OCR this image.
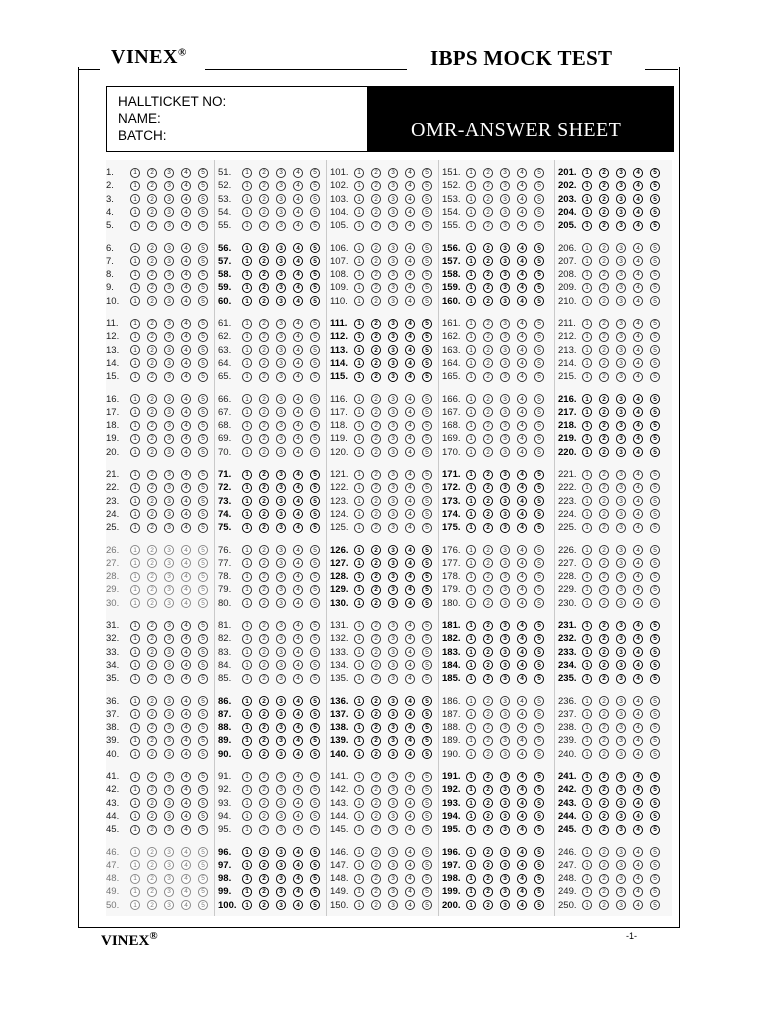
VINEX®	IBPS MOCK TEST
HALLTICKET NO:
NAME:
BATCH:	OMR-ANSWER SHEET
1.	1	2	3	4	5
2.	1	2	3	4	5
3.	1	2	3	4	5
4.	1	2	3	4	5
5.	1	2	3	4	5
6.	1	2	3	4	5
7.	1	2	3	4	5
8.	1	2	3	4	5
9.	1	2	3	4	5
10.	1	2	3	4	5
11.	1	2	3	4	5
12.	1	2	3	4	5
13.	1	2	3	4	5
14.	1	2	3	4	5
15.	1	2	3	4	5
16.	1	2	3	4	5
17.	1	2	3	4	5
18.	1	2	3	4	5
19.	1	2	3	4	5
20.	1	2	3	4	5
21.	1	2	3	4	5
22.	1	2	3	4	5
23.	1	2	3	4	5
24.	1	2	3	4	5
25.	1	2	3	4	5
26.	1	2	3	4	5
27.	1	2	3	4	5
28.	1	2	3	4	5
29.	1	2	3	4	5
30.	1	2	3	4	5
31.	1	2	3	4	5
32.	1	2	3	4	5
33.	1	2	3	4	5
34.	1	2	3	4	5
35.	1	2	3	4	5
36.	1	2	3	4	5
37.	1	2	3	4	5
38.	1	2	3	4	5
39.	1	2	3	4	5
40.	1	2	3	4	5
41.	1	2	3	4	5
42.	1	2	3	4	5
43.	1	2	3	4	5
44.	1	2	3	4	5
45.	1	2	3	4	5
46.	1	2	3	4	5
47.	1	2	3	4	5
48.	1	2	3	4	5
49.	1	2	3	4	5
50.	1	2	3	4	5
51.	1	2	3	4	5
52.	1	2	3	4	5
53.	1	2	3	4	5
54.	1	2	3	4	5
55.	1	2	3	4	5
56.	1	2	3	4	5
57.	1	2	3	4	5
58.	1	2	3	4	5
59.	1	2	3	4	5
60.	1	2	3	4	5
61.	1	2	3	4	5
62.	1	2	3	4	5
63.	1	2	3	4	5
64.	1	2	3	4	5
65.	1	2	3	4	5
66.	1	2	3	4	5
67.	1	2	3	4	5
68.	1	2	3	4	5
69.	1	2	3	4	5
70.	1	2	3	4	5
71.	1	2	3	4	5
72.	1	2	3	4	5
73.	1	2	3	4	5
74.	1	2	3	4	5
75.	1	2	3	4	5
76.	1	2	3	4	5
77.	1	2	3	4	5
78.	1	2	3	4	5
79.	1	2	3	4	5
80.	1	2	3	4	5
81.	1	2	3	4	5
82.	1	2	3	4	5
83.	1	2	3	4	5
84.	1	2	3	4	5
85.	1	2	3	4	5
86.	1	2	3	4	5
87.	1	2	3	4	5
88.	1	2	3	4	5
89.	1	2	3	4	5
90.	1	2	3	4	5
91.	1	2	3	4	5
92.	1	2	3	4	5
93.	1	2	3	4	5
94.	1	2	3	4	5
95.	1	2	3	4	5
96.	1	2	3	4	5
97.	1	2	3	4	5
98.	1	2	3	4	5
99.	1	2	3	4	5
100.	1	2	3	4	5
101.	1	2	3	4	5
102.	1	2	3	4	5
103.	1	2	3	4	5
104.	1	2	3	4	5
105.	1	2	3	4	5
106.	1	2	3	4	5
107.	1	2	3	4	5
108.	1	2	3	4	5
109.	1	2	3	4	5
110.	1	2	3	4	5
111.	1	2	3	4	5
112.	1	2	3	4	5
113.	1	2	3	4	5
114.	1	2	3	4	5
115.	1	2	3	4	5
116.	1	2	3	4	5
117.	1	2	3	4	5
118.	1	2	3	4	5
119.	1	2	3	4	5
120.	1	2	3	4	5
121.	1	2	3	4	5
122.	1	2	3	4	5
123.	1	2	3	4	5
124.	1	2	3	4	5
125.	1	2	3	4	5
126.	1	2	3	4	5
127.	1	2	3	4	5
128.	1	2	3	4	5
129.	1	2	3	4	5
130.	1	2	3	4	5
131.	1	2	3	4	5
132.	1	2	3	4	5
133.	1	2	3	4	5
134.	1	2	3	4	5
135.	1	2	3	4	5
136.	1	2	3	4	5
137.	1	2	3	4	5
138.	1	2	3	4	5
139.	1	2	3	4	5
140.	1	2	3	4	5
141.	1	2	3	4	5
142.	1	2	3	4	5
143.	1	2	3	4	5
144.	1	2	3	4	5
145.	1	2	3	4	5
146.	1	2	3	4	5
147.	1	2	3	4	5
148.	1	2	3	4	5
149.	1	2	3	4	5
150.	1	2	3	4	5
151.	1	2	3	4	5
152.	1	2	3	4	5
153.	1	2	3	4	5
154.	1	2	3	4	5
155.	1	2	3	4	5
156.	1	2	3	4	5
157.	1	2	3	4	5
158.	1	2	3	4	5
159.	1	2	3	4	5
160.	1	2	3	4	5
161.	1	2	3	4	5
162.	1	2	3	4	5
163.	1	2	3	4	5
164.	1	2	3	4	5
165.	1	2	3	4	5
166.	1	2	3	4	5
167.	1	2	3	4	5
168.	1	2	3	4	5
169.	1	2	3	4	5
170.	1	2	3	4	5
171.	1	2	3	4	5
172.	1	2	3	4	5
173.	1	2	3	4	5
174.	1	2	3	4	5
175.	1	2	3	4	5
176.	1	2	3	4	5
177.	1	2	3	4	5
178.	1	2	3	4	5
179.	1	2	3	4	5
180.	1	2	3	4	5
181.	1	2	3	4	5
182.	1	2	3	4	5
183.	1	2	3	4	5
184.	1	2	3	4	5
185.	1	2	3	4	5
186.	1	2	3	4	5
187.	1	2	3	4	5
188.	1	2	3	4	5
189.	1	2	3	4	5
190.	1	2	3	4	5
191.	1	2	3	4	5
192.	1	2	3	4	5
193.	1	2	3	4	5
194.	1	2	3	4	5
195.	1	2	3	4	5
196.	1	2	3	4	5
197.	1	2	3	4	5
198.	1	2	3	4	5
199.	1	2	3	4	5
200.	1	2	3	4	5
201.	1	2	3	4	5
202.	1	2	3	4	5
203.	1	2	3	4	5
204.	1	2	3	4	5
205.	1	2	3	4	5
206.	1	2	3	4	5
207.	1	2	3	4	5
208.	1	2	3	4	5
209.	1	2	3	4	5
210.	1	2	3	4	5
211.	1	2	3	4	5
212.	1	2	3	4	5
213.	1	2	3	4	5
214.	1	2	3	4	5
215.	1	2	3	4	5
216.	1	2	3	4	5
217.	1	2	3	4	5
218.	1	2	3	4	5
219.	1	2	3	4	5
220.	1	2	3	4	5
221.	1	2	3	4	5
222.	1	2	3	4	5
223.	1	2	3	4	5
224.	1	2	3	4	5
225.	1	2	3	4	5
226.	1	2	3	4	5
227.	1	2	3	4	5
228.	1	2	3	4	5
229.	1	2	3	4	5
230.	1	2	3	4	5
231.	1	2	3	4	5
232.	1	2	3	4	5
233.	1	2	3	4	5
234.	1	2	3	4	5
235.	1	2	3	4	5
236.	1	2	3	4	5
237.	1	2	3	4	5
238.	1	2	3	4	5
239.	1	2	3	4	5
240.	1	2	3	4	5
241.	1	2	3	4	5
242.	1	2	3	4	5
243.	1	2	3	4	5
244.	1	2	3	4	5
245.	1	2	3	4	5
246.	1	2	3	4	5
247.	1	2	3	4	5
248.	1	2	3	4	5
249.	1	2	3	4	5
250.	1	2	3	4	5
VINEX®	-1-
